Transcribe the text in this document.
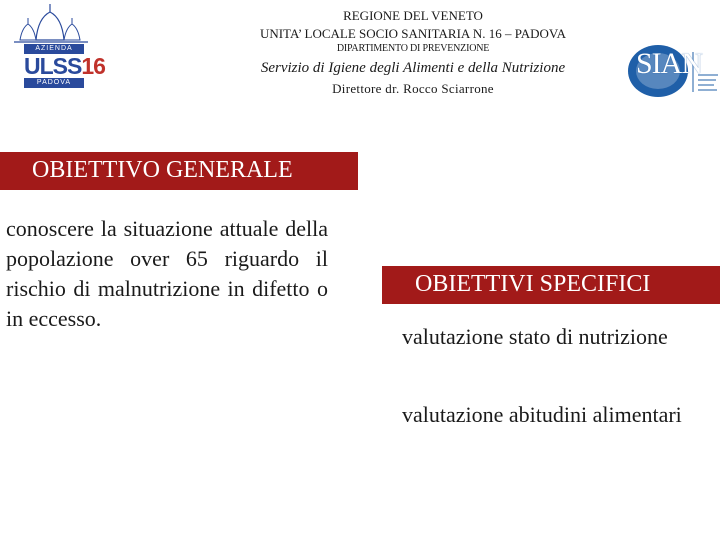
AZIENDA
ULSS16
PADOVA
REGIONE DEL VENETO
UNITA’ LOCALE SOCIO SANITARIA N. 16 – PADOVA
DIPARTIMENTO DI PREVENZIONE
Servizio di Igiene degli Alimenti e della Nutrizione
Direttore dr. Rocco Sciarrone
SIAN
OBIETTIVO GENERALE
conoscere la situazione attuale della popolazione over 65 riguardo il rischio di malnutrizione in difetto o in eccesso.
OBIETTIVI SPECIFICI
valutazione stato di nutrizione
valutazione abitudini alimentari
